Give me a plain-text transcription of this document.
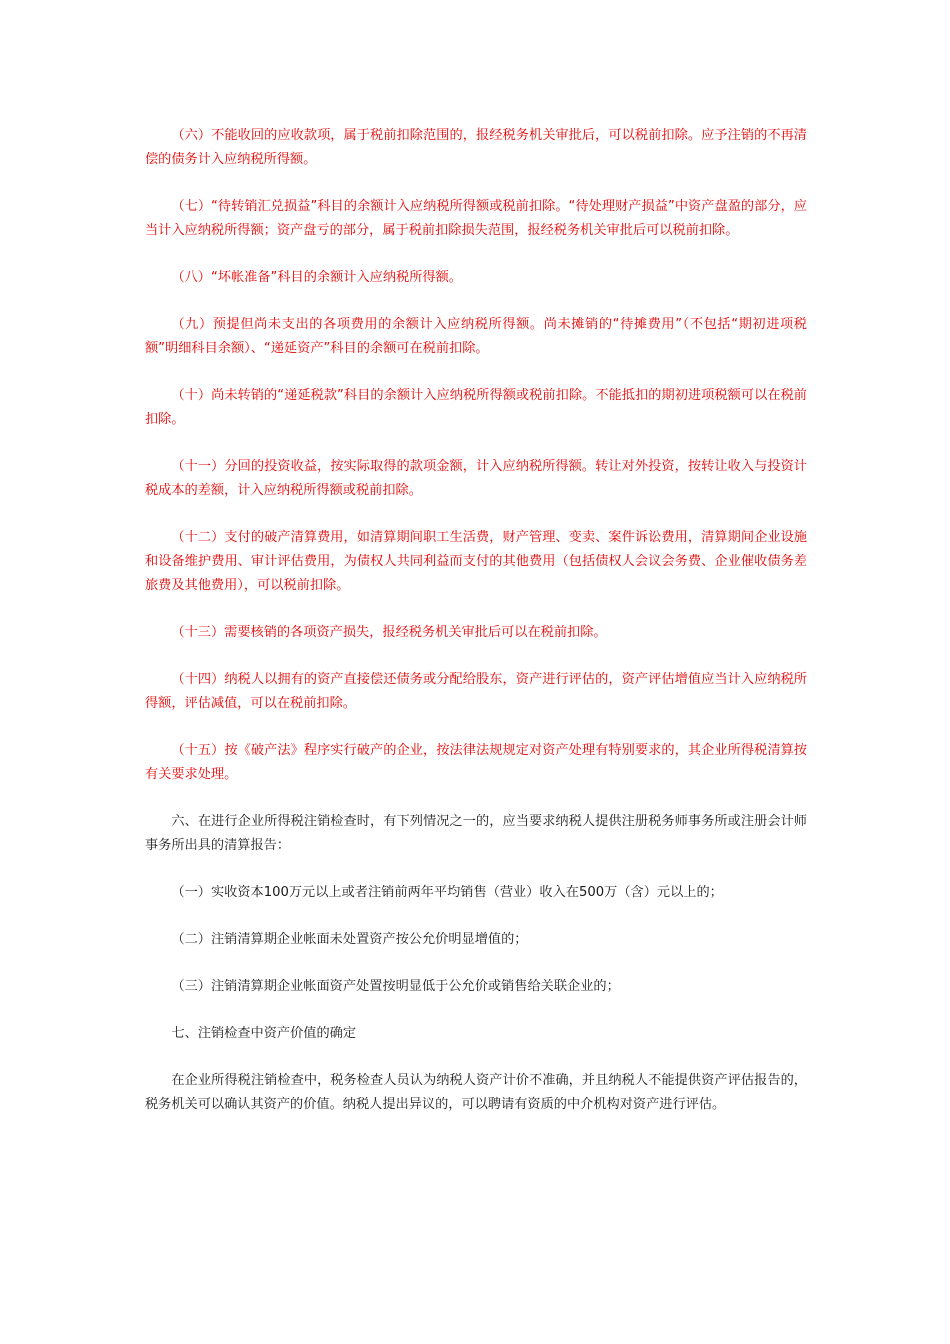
（六）不能收回的应收款项，属于税前扣除范围的，报经税务机关审批后，可以税前扣除。应予注销的不再清偿的债务计入应纳税所得额。

（七）“待转销汇兑损益”科目的余额计入应纳税所得额或税前扣除。“待处理财产损益”中资产盘盈的部分，应当计入应纳税所得额；资产盘亏的部分，属于税前扣除损失范围，报经税务机关审批后可以税前扣除。

（八）“坏帐准备”科目的余额计入应纳税所得额。

（九）预提但尚未支出的各项费用的余额计入应纳税所得额。尚未摊销的“待摊费用”（不包括“期初进项税额”明细科目余额）、“递延资产”科目的余额可在税前扣除。

（十）尚未转销的“递延税款”科目的余额计入应纳税所得额或税前扣除。不能抵扣的期初进项税额可以在税前扣除。

（十一）分回的投资收益，按实际取得的款项金额，计入应纳税所得额。转让对外投资，按转让收入与投资计税成本的差额，计入应纳税所得额或税前扣除。

（十二）支付的破产清算费用，如清算期间职工生活费，财产管理、变卖、案件诉讼费用，清算期间企业设施和设备维护费用、审计评估费用，为债权人共同利益而支付的其他费用（包括债权人会议会务费、企业催收债务差旅费及其他费用），可以税前扣除。

（十三）需要核销的各项资产损失，报经税务机关审批后可以在税前扣除。

（十四）纳税人以拥有的资产直接偿还债务或分配给股东，资产进行评估的，资产评估增值应当计入应纳税所得额，评估减值，可以在税前扣除。

（十五）按《破产法》程序实行破产的企业，按法律法规规定对资产处理有特别要求的，其企业所得税清算按有关要求处理。

六、在进行企业所得税注销检查时，有下列情况之一的，应当要求纳税人提供注册税务师事务所或注册会计师事务所出具的清算报告：

（一）实收资本100万元以上或者注销前两年平均销售（营业）收入在500万（含）元以上的；

（二）注销清算期企业帐面未处置资产按公允价明显增值的；

（三）注销清算期企业帐面资产处置按明显低于公允价或销售给关联企业的；

七、注销检查中资产价值的确定

在企业所得税注销检查中，税务检查人员认为纳税人资产计价不准确，并且纳税人不能提供资产评估报告的，税务机关可以确认其资产的价值。纳税人提出异议的，可以聘请有资质的中介机构对资产进行评估。
